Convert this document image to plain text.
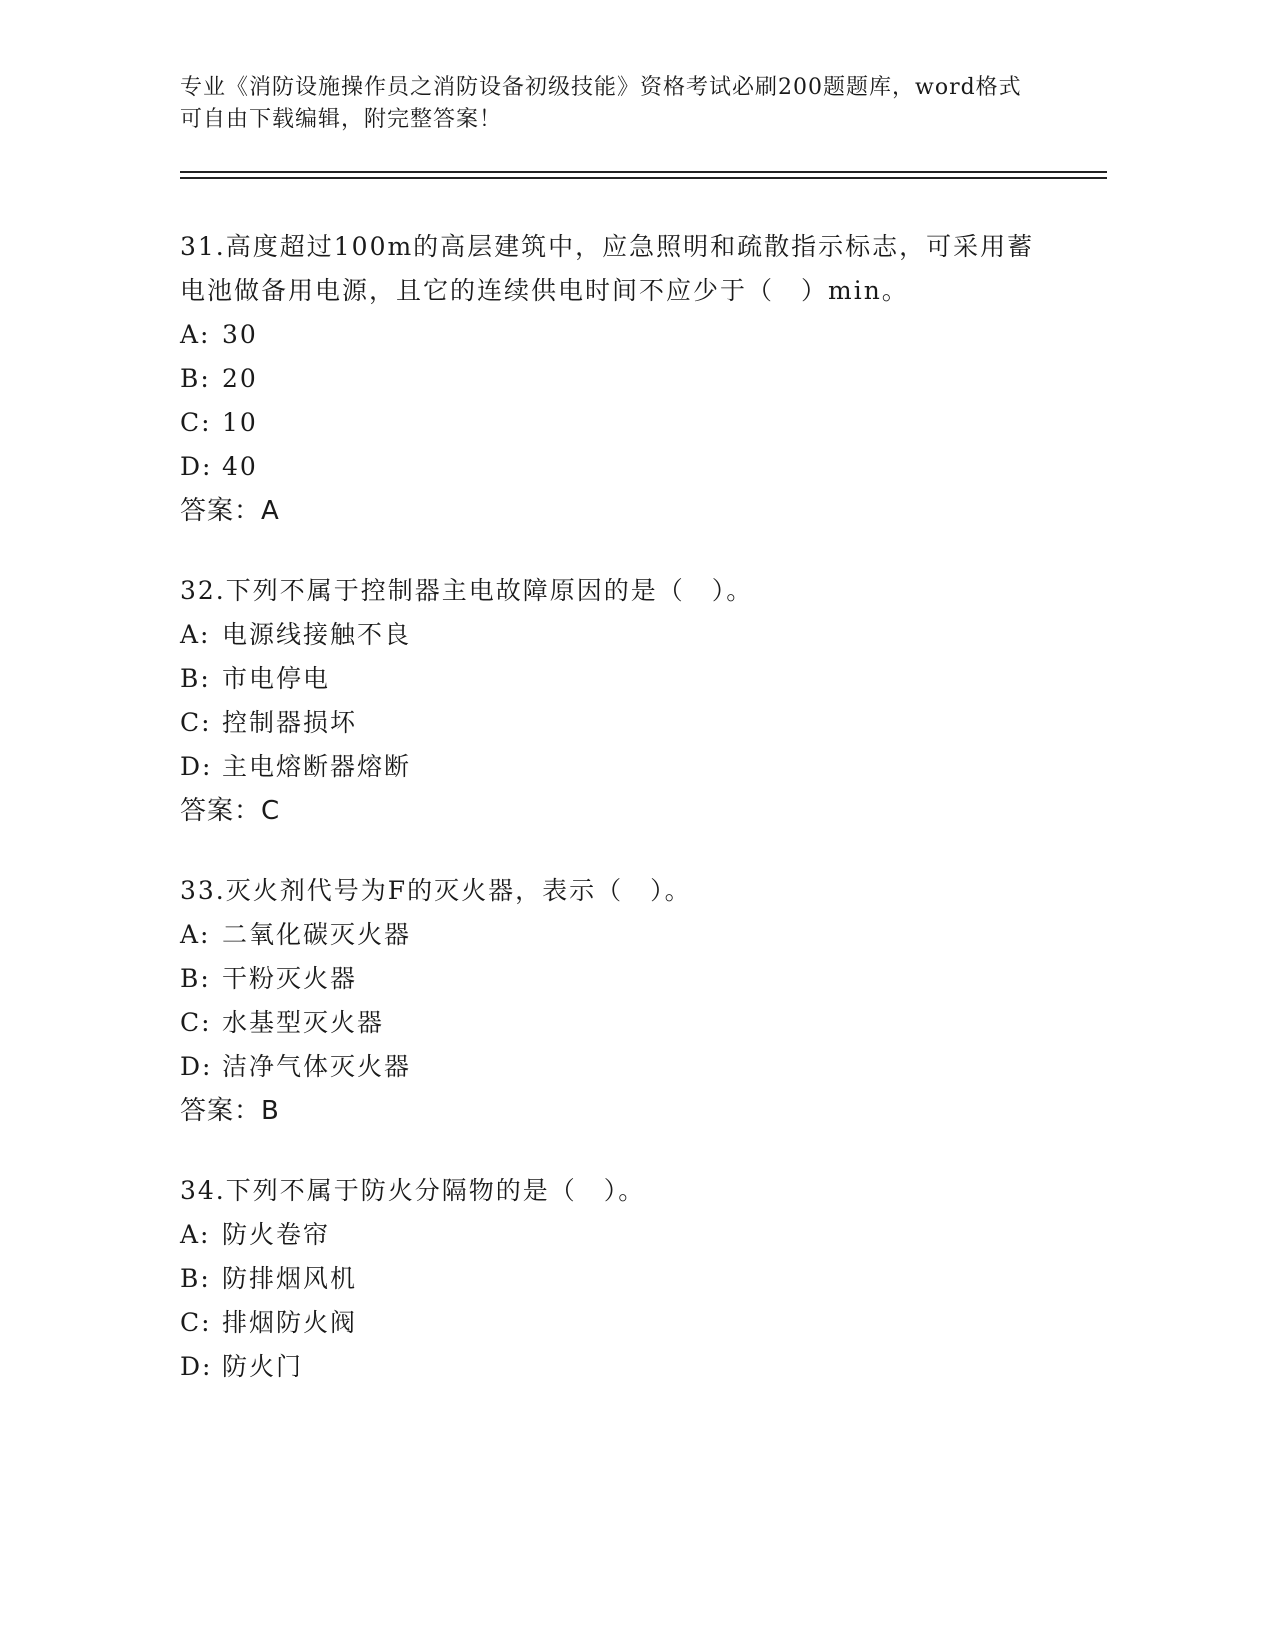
专业《消防设施操作员之消防设备初级技能》资格考试必刷200题题库，word格式可自由下载编辑，附完整答案！
31.高度超过100m的高层建筑中，应急照明和疏散指示标志，可采用蓄电池做备用电源，且它的连续供电时间不应少于（　）min。
A: 30
B: 20
C: 10
D: 40
答案：A
32.下列不属于控制器主电故障原因的是（　）。
A: 电源线接触不良
B: 市电停电
C: 控制器损坏
D: 主电熔断器熔断
答案：C
33.灭火剂代号为F的灭火器，表示（　）。
A: 二氧化碳灭火器
B: 干粉灭火器
C: 水基型灭火器
D: 洁净气体灭火器
答案：B
34.下列不属于防火分隔物的是（　）。
A: 防火卷帘
B: 防排烟风机
C: 排烟防火阀
D: 防火门
